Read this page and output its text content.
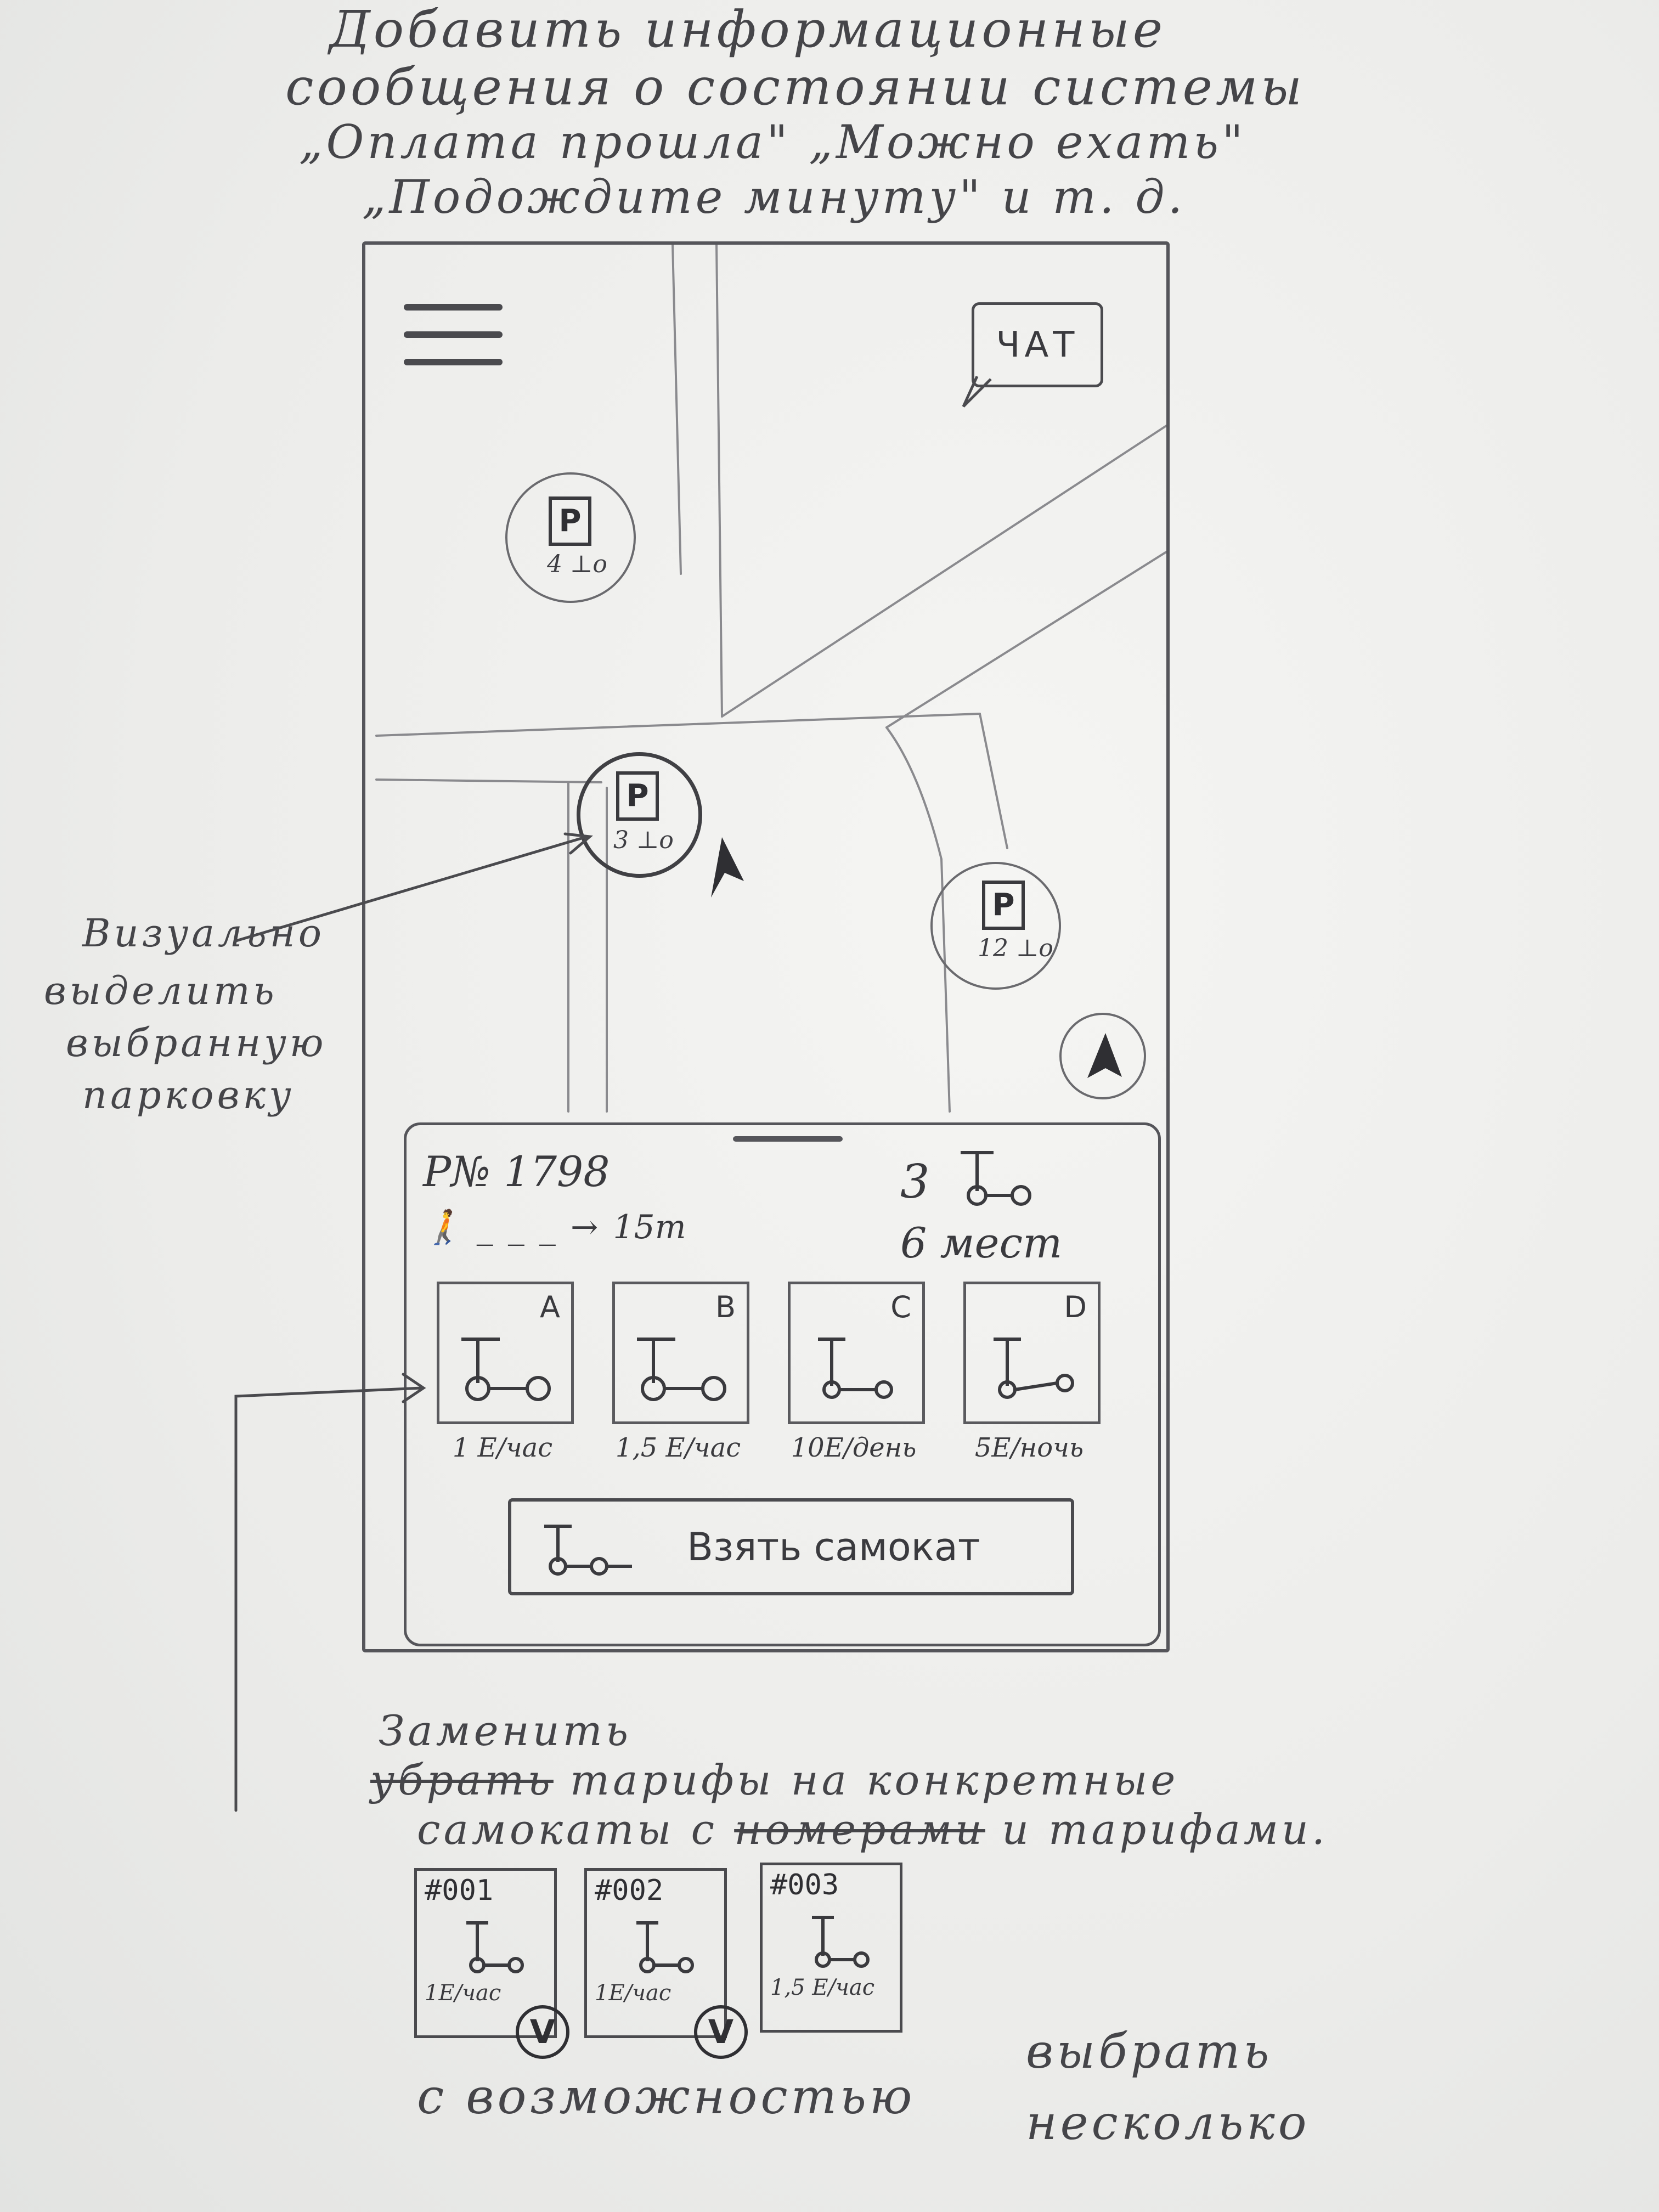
Добавить информационные
сообщения о состоянии системы
„Оплата прошла" „Можно ехать"
„Подождите минуту" и т. д.
ЧАТ
P
4 ⊥o
P
3 ⊥o
P
12 ⊥o
P№ 1798
🚶 _ _ _ → 15m
3
6 мест
A	B	C	D
1 E/час	1,5 E/час	10E/день	5E/ночь
Взять самокат
Визуально
выделить
выбранную
парковку
Заменить
убрать тарифы на конкретные
самокаты с номерами и тарифами.
#001
1E/час
V
#002
1E/час
V
#003
1,5 E/час
с возможностью
выбрать
несколько
